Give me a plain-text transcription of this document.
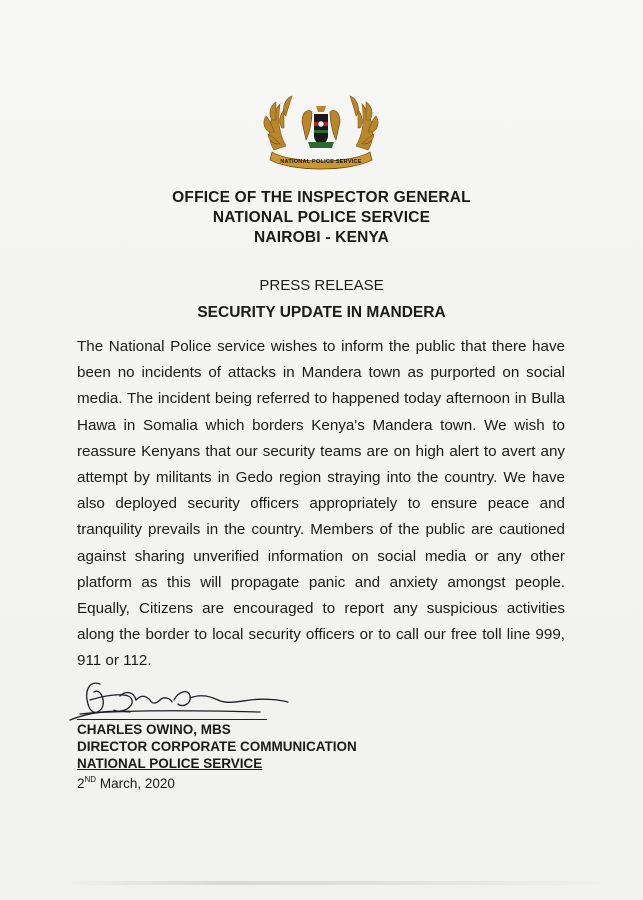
NATIONAL POLICE SERVICE
OFFICE OF THE INSPECTOR GENERAL
NATIONAL POLICE SERVICE
NAIROBI - KENYA
PRESS RELEASE
SECURITY UPDATE IN MANDERA
The National Police service wishes to inform the public that there have been no incidents of attacks in Mandera town as purported on social media. The incident being referred to happened today afternoon in Bulla Hawa in Somalia which borders Kenya's Mandera town. We wish to reassure Kenyans that our security teams are on high alert to avert any attempt by militants in Gedo region straying into the country. We have also deployed security officers appropriately to ensure peace and tranquility prevails in the country. Members of the public are cautioned against sharing unverified information on social media or any other platform as this will propagate panic and anxiety amongst people. Equally, Citizens are encouraged to report any suspicious activities along the border to local security officers or to call our free toll line 999, 911 or 112.
CHARLES OWINO, MBS
DIRECTOR CORPORATE COMMUNICATION
NATIONAL POLICE SERVICE
2ND March, 2020
